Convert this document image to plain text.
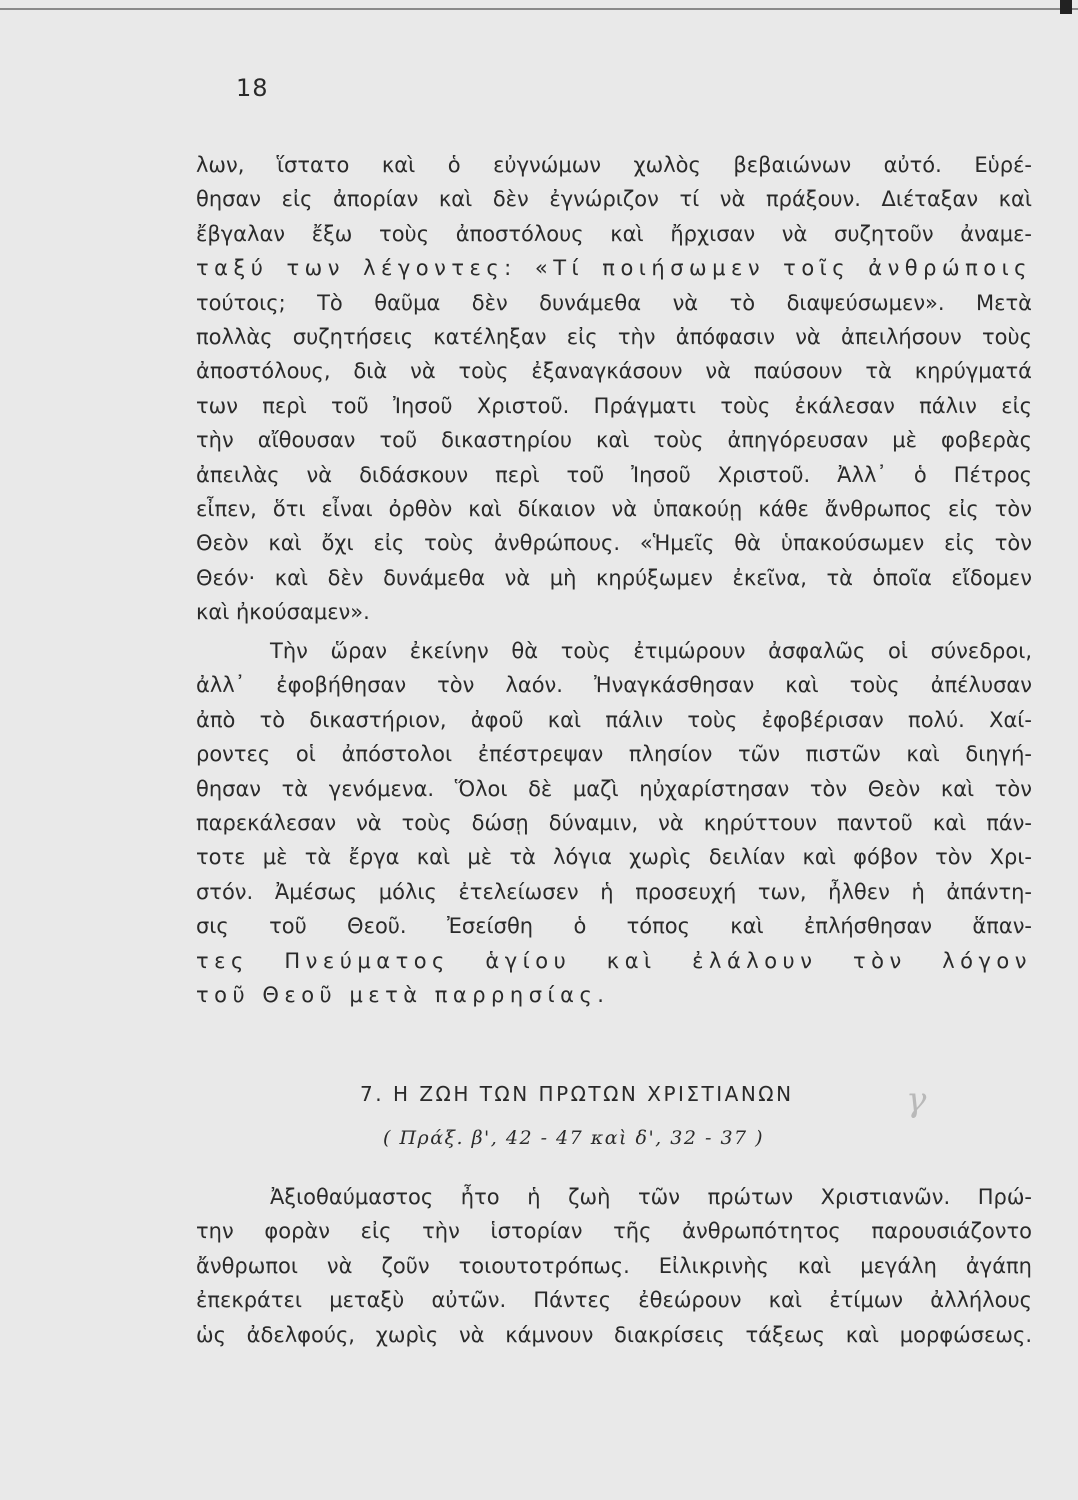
18
λων, ἵστατο καὶ ὁ εὐγνώμων χωλὸς βεβαιώνων αὐτό. Εὑρέ-
θησαν εἰς ἀπορίαν καὶ δὲν ἐγνώριζον τί νὰ πράξουν. Διέταξαν καὶ
ἔβγαλαν ἔξω τοὺς ἀποστόλους καὶ ἤρχισαν νὰ συζητοῦν ἀναμε-
ταξύ των λέγοντες: «Τί ποιήσωμεν τοῖς ἀνθρώποις
τούτοις; Τὸ θαῦμα δὲν δυνάμεθα νὰ τὸ διαψεύσωμεν». Μετὰ
πολλὰς συζητήσεις κατέληξαν εἰς τὴν ἀπόφασιν νὰ ἀπειλήσουν τοὺς
ἀποστόλους, διὰ νὰ τοὺς ἐξαναγκάσουν νὰ παύσουν τὰ κηρύγματά
των περὶ τοῦ Ἰησοῦ Χριστοῦ. Πράγματι τοὺς ἐκάλεσαν πάλιν εἰς
τὴν αἴθουσαν τοῦ δικαστηρίου καὶ τοὺς ἀπηγόρευσαν μὲ φοβερὰς
ἀπειλὰς νὰ διδάσκουν περὶ τοῦ Ἰησοῦ Χριστοῦ. Ἀλλ᾽ ὁ Πέτρος
εἶπεν, ὅτι εἶναι ὀρθὸν καὶ δίκαιον νὰ ὑπακούῃ κάθε ἄνθρωπος εἰς τὸν
Θεὸν καὶ ὄχι εἰς τοὺς ἀνθρώπους. «Ἡμεῖς θὰ ὑπακούσωμεν εἰς τὸν
Θεόν· καὶ δὲν δυνάμεθα νὰ μὴ κηρύξωμεν ἐκεῖνα, τὰ ὁποῖα εἴδομεν
καὶ ἠκούσαμεν».
Τὴν ὥραν ἐκείνην θὰ τοὺς ἐτιμώρουν ἀσφαλῶς οἱ σύνεδροι,
ἀλλ᾽ ἐφοβήθησαν τὸν λαόν. Ἠναγκάσθησαν καὶ τοὺς ἀπέλυσαν
ἀπὸ τὸ δικαστήριον, ἀφοῦ καὶ πάλιν τοὺς ἐφοβέρισαν πολύ. Χαί-
ροντες οἱ ἀπόστολοι ἐπέστρεψαν πλησίον τῶν πιστῶν καὶ διηγή-
θησαν τὰ γενόμενα. Ὅλοι δὲ μαζὶ ηὐχαρίστησαν τὸν Θεὸν καὶ τὸν
παρεκάλεσαν νὰ τοὺς δώσῃ δύναμιν, νὰ κηρύττουν παντοῦ καὶ πάν-
τοτε μὲ τὰ ἔργα καὶ μὲ τὰ λόγια χωρὶς δειλίαν καὶ φόβον τὸν Χρι-
στόν. Ἀμέσως μόλις ἐτελείωσεν ἡ προσευχή των, ἦλθεν ἡ ἀπάντη-
σις τοῦ Θεοῦ. Ἐσείσθη ὁ τόπος καὶ ἐπλήσθησαν ἅπαν-
τες Πνεύματος ἁγίου καὶ ἐλάλουν τὸν λόγον
τοῦ Θεοῦ μετὰ παρρησίας.
7. Η ΖΩΗ ΤΩΝ ΠΡΩΤΩΝ ΧΡΙΣΤΙΑΝΩΝ	γ
( Πράξ. β', 42 - 47 καὶ δ', 32 - 37 )
Ἀξιοθαύμαστος ἦτο ἡ ζωὴ τῶν πρώτων Χριστιανῶν. Πρώ-
την φορὰν εἰς τὴν ἱστορίαν τῆς ἀνθρωπότητος παρουσιάζοντο
ἄνθρωποι νὰ ζοῦν τοιουτοτρόπως. Εἰλικρινὴς καὶ μεγάλη ἀγάπη
ἐπεκράτει μεταξὺ αὐτῶν. Πάντες ἐθεώρουν καὶ ἐτίμων ἀλλήλους
ὡς ἀδελφούς, χωρὶς νὰ κάμνουν διακρίσεις τάξεως καὶ μορφώσεως.
